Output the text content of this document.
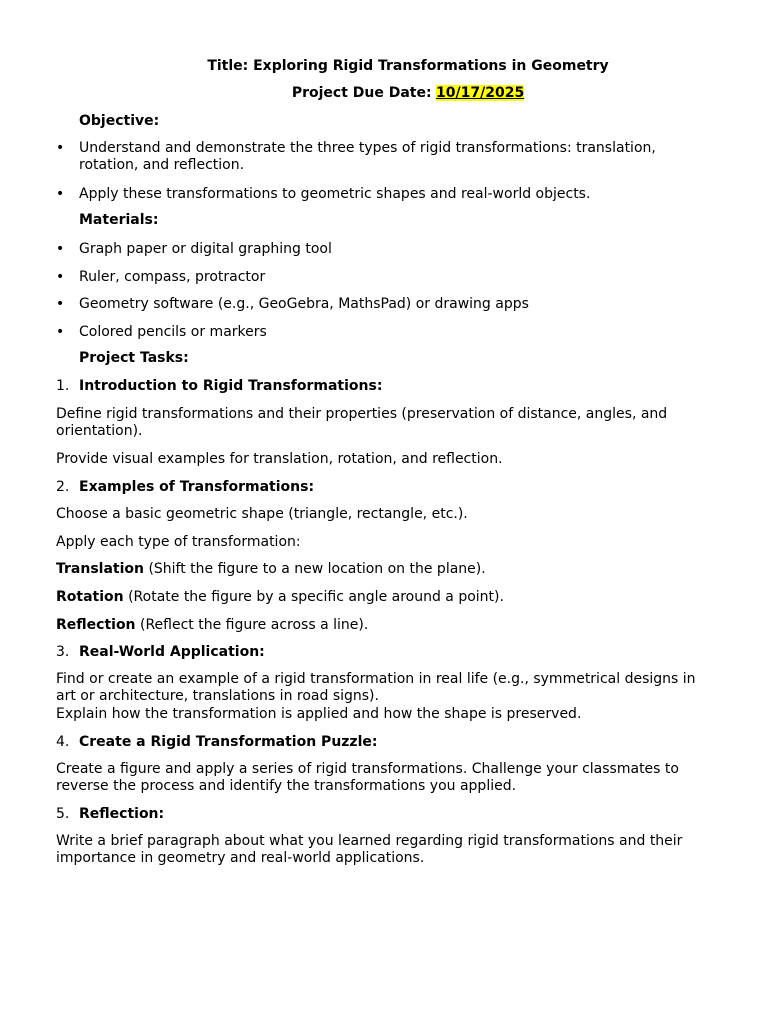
Title: Exploring Rigid Transformations in Geometry
Project Due Date: 10/17/2025
Objective:
• Understand and demonstrate the three types of rigid transformations: translation, rotation, and reflection.
• Apply these transformations to geometric shapes and real-world objects.
Materials:
• Graph paper or digital graphing tool
• Ruler, compass, protractor
• Geometry software (e.g., GeoGebra, MathsPad) or drawing apps
• Colored pencils or markers
Project Tasks:
1. Introduction to Rigid Transformations:
Define rigid transformations and their properties (preservation of distance, angles, and orientation).
Provide visual examples for translation, rotation, and reflection.
2. Examples of Transformations:
Choose a basic geometric shape (triangle, rectangle, etc.).
Apply each type of transformation:
Translation (Shift the figure to a new location on the plane).
Rotation (Rotate the figure by a specific angle around a point).
Reflection (Reflect the figure across a line).
3. Real-World Application:
Find or create an example of a rigid transformation in real life (e.g., symmetrical designs in art or architecture, translations in road signs).
Explain how the transformation is applied and how the shape is preserved.
4. Create a Rigid Transformation Puzzle:
Create a figure and apply a series of rigid transformations. Challenge your classmates to reverse the process and identify the transformations you applied.
5. Reflection:
Write a brief paragraph about what you learned regarding rigid transformations and their importance in geometry and real-world applications.
